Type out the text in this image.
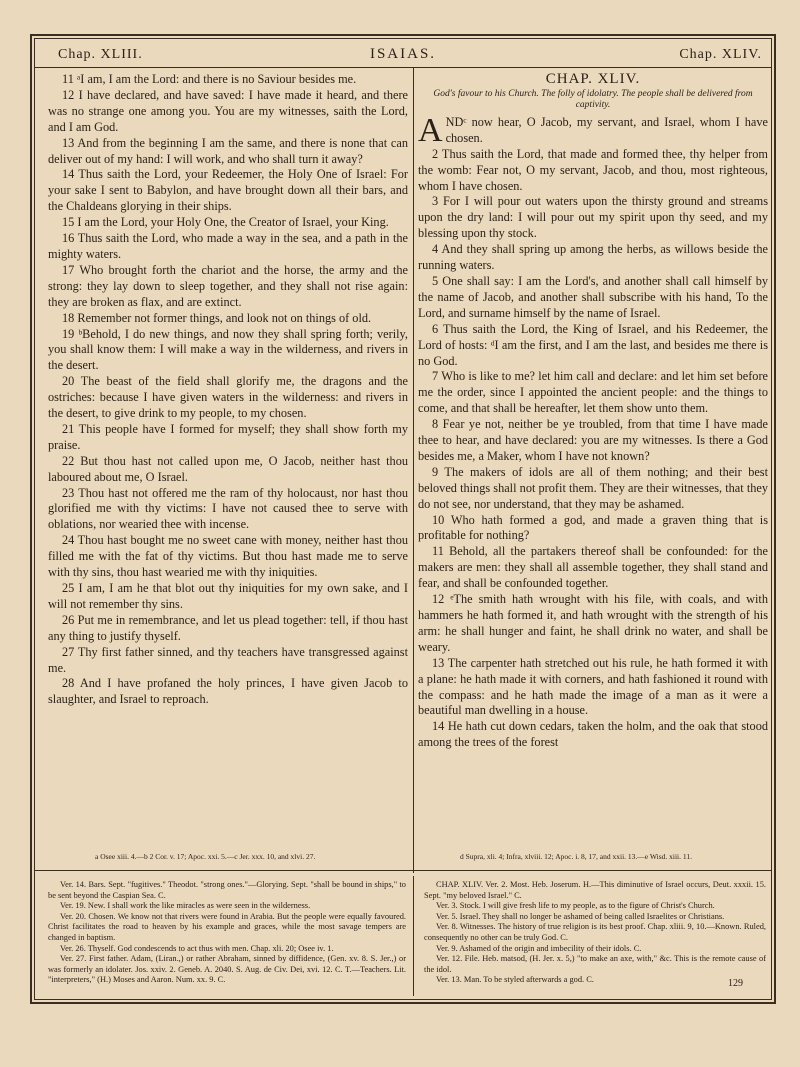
Chap. XLIII.	ISAIAS.	Chap. XLIV.

11 ᵃI am, I am the Lord: and there is no Saviour besides me.

12 I have declared, and have saved: I have made it heard, and there was no strange one among you. You are my witnesses, saith the Lord, and I am God.

13 And from the beginning I am the same, and there is none that can deliver out of my hand: I will work, and who shall turn it away?

14 Thus saith the Lord, your Redeemer, the Holy One of Israel: For your sake I sent to Babylon, and have brought down all their bars, and the Chaldeans glorying in their ships.

15 I am the Lord, your Holy One, the Creator of Israel, your King.

16 Thus saith the Lord, who made a way in the sea, and a path in the mighty waters.

17 Who brought forth the chariot and the horse, the army and the strong: they lay down to sleep together, and they shall not rise again: they are broken as flax, and are extinct.

18 Remember not former things, and look not on things of old.

19 ᵇBehold, I do new things, and now they shall spring forth; verily, you shall know them: I will make a way in the wilderness, and rivers in the desert.

20 The beast of the field shall glorify me, the dragons and the ostriches: because I have given waters in the wilderness: and rivers in the desert, to give drink to my people, to my chosen.

21 This people have I formed for myself; they shall show forth my praise.

22 But thou hast not called upon me, O Jacob, neither hast thou laboured about me, O Israel.

23 Thou hast not offered me the ram of thy holocaust, nor hast thou glorified me with thy victims: I have not caused thee to serve with oblations, nor wearied thee with incense.

24 Thou hast bought me no sweet cane with money, neither hast thou filled me with the fat of thy victims. But thou hast made me to serve with thy sins, thou hast wearied me with thy iniquities.

25 I am, I am he that blot out thy iniquities for my own sake, and I will not remember thy sins.

26 Put me in remembrance, and let us plead together: tell, if thou hast any thing to justify thyself.

27 Thy first father sinned, and thy teachers have transgressed against me.

28 And I have profaned the holy princes, I have given Jacob to slaughter, and Israel to reproach.

CHAP. XLIV.

God's favour to his Church. The folly of idolatry. The people shall be delivered from captivity.

ANDᶜ now hear, O Jacob, my servant, and Israel, whom I have chosen.

2 Thus saith the Lord, that made and formed thee, thy helper from the womb: Fear not, O my servant, Jacob, and thou, most righteous, whom I have chosen.

3 For I will pour out waters upon the thirsty ground and streams upon the dry land: I will pour out my spirit upon thy seed, and my blessing upon thy stock.

4 And they shall spring up among the herbs, as willows beside the running waters.

5 One shall say: I am the Lord's, and another shall call himself by the name of Jacob, and another shall subscribe with his hand, To the Lord, and surname himself by the name of Israel.

6 Thus saith the Lord, the King of Israel, and his Redeemer, the Lord of hosts: ᵈI am the first, and I am the last, and besides me there is no God.

7 Who is like to me? let him call and declare: and let him set before me the order, since I appointed the ancient people: and the things to come, and that shall be hereafter, let them show unto them.

8 Fear ye not, neither be ye troubled, from that time I have made thee to hear, and have declared: you are my witnesses. Is there a God besides me, a Maker, whom I have not known?

9 The makers of idols are all of them nothing; and their best beloved things shall not profit them. They are their witnesses, that they do not see, nor understand, that they may be ashamed.

10 Who hath formed a god, and made a graven thing that is profitable for nothing?

11 Behold, all the partakers thereof shall be confounded: for the makers are men: they shall all assemble together, they shall stand and fear, and shall be confounded together.

12 ᵉThe smith hath wrought with his file, with coals, and with hammers he hath formed it, and hath wrought with the strength of his arm: he shall hunger and faint, he shall drink no water, and shall be weary.

13 The carpenter hath stretched out his rule, he hath formed it with a plane: he hath made it with corners, and hath fashioned it round with the compass: and he hath made the image of a man as it were a beautiful man dwelling in a house.

14 He hath cut down cedars, taken the holm, and the oak that stood among the trees of the forest

a Osee xiii. 4.—b 2 Cor. v. 17; Apoc. xxi. 5.—c Jer. xxx. 10, and xlvi. 27.	d Supra, xli. 4; Infra, xlviii. 12; Apoc. i. 8, 17, and xxii. 13.—e Wisd. xiii. 11.

Ver. 14. Bars. Sept. "fugitives." Theodot. "strong ones."—Glorying. Sept. "shall be bound in ships," to be sent beyond the Caspian Sea. C.

Ver. 19. New. I shall work the like miracles as were seen in the wilderness.

Ver. 20. Chosen. We know not that rivers were found in Arabia. But the people were equally favoured. Christ facilitates the road to heaven by his example and graces, while the most savage tempers are changed in baptism.

Ver. 26. Thyself. God condescends to act thus with men. Chap. xli. 20; Osee iv. 1.

Ver. 27. First father. Adam, (Liran.,) or rather Abraham, sinned by diffidence, (Gen. xv. 8. S. Jer.,) or was formerly an idolater. Jos. xxiv. 2. Geneb. A. 2040. S. Aug. de Civ. Dei, xvi. 12. C. T.—Teachers. Lit. "interpreters," (H.) Moses and Aaron. Num. xx. 9. C.

CHAP. XLIV. Ver. 2. Most. Heb. Joserum. H.—This diminutive of Israel occurs, Deut. xxxii. 15. Sept. "my beloved Israel." C.

Ver. 3. Stock. I will give fresh life to my people, as to the figure of Christ's Church.

Ver. 5. Israel. They shall no longer be ashamed of being called Israelites or Christians.

Ver. 8. Witnesses. The history of true religion is its best proof. Chap. xliii. 9, 10.—Known. Ruled, consequently no other can be truly God. C.

Ver. 9. Ashamed of the origin and imbecility of their idols. C.

Ver. 12. File. Heb. matsod, (H. Jer. x. 5,) "to make an axe, with," &c. This is the remote cause of the idol.

Ver. 13. Man. To be styled afterwards a god. C.	129
